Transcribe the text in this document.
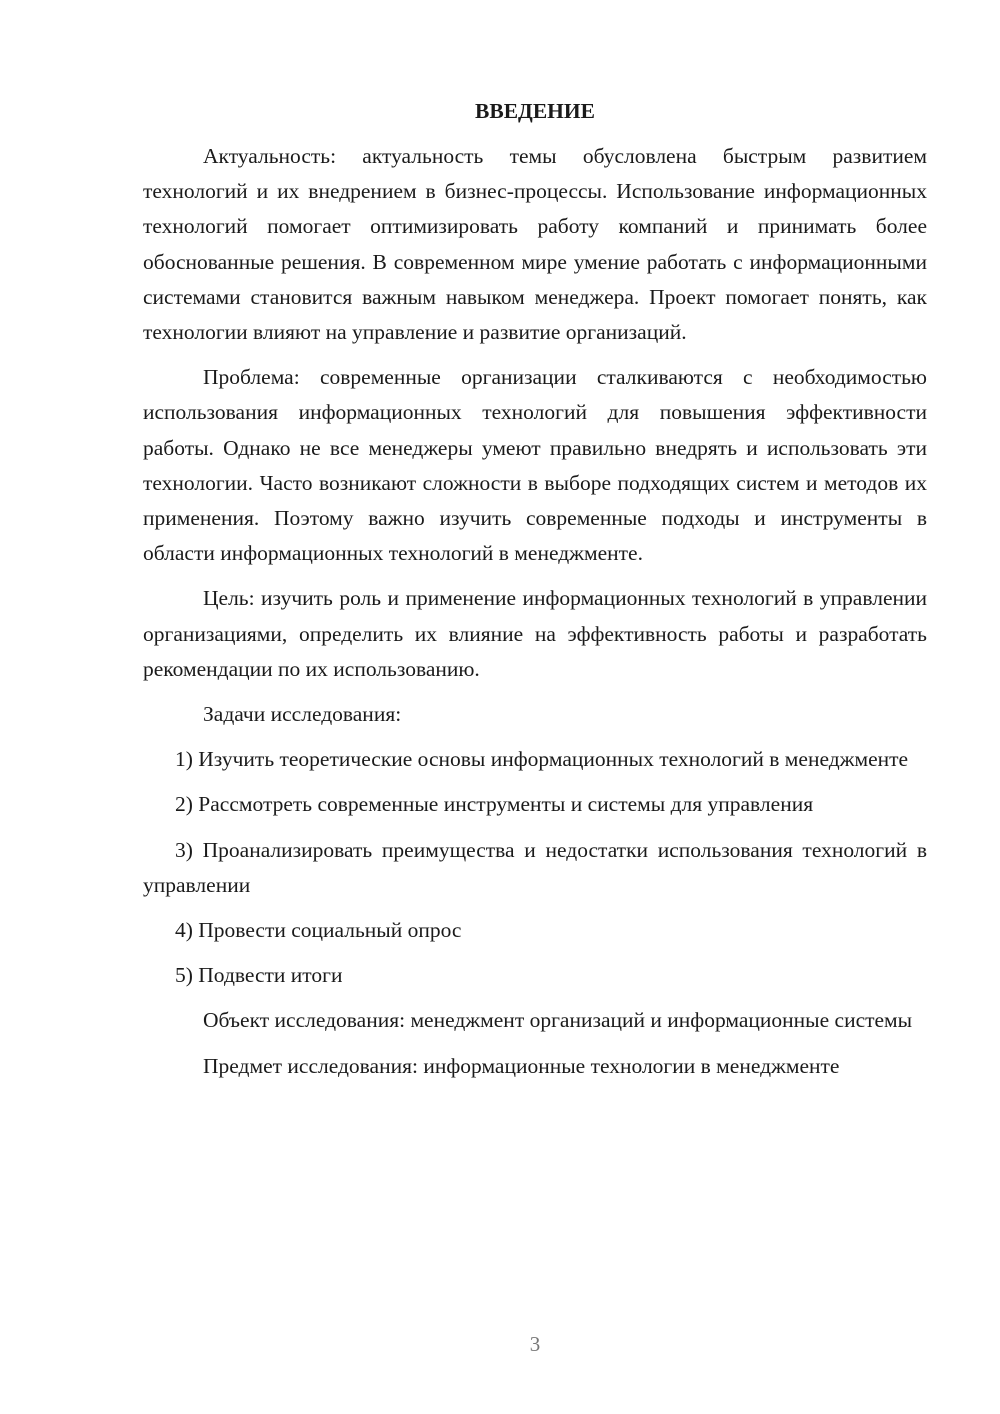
ВВЕДЕНИЕ

Актуальность: актуальность темы обусловлена быстрым развитием технологий и их внедрением в бизнес-процессы. Использование информационных технологий помогает оптимизировать работу компаний и принимать более обоснованные решения. В современном мире умение работать с информационными системами становится важным навыком менеджера. Проект помогает понять, как технологии влияют на управление и развитие организаций.

Проблема: современные организации сталкиваются с необходимостью использования информационных технологий для повышения эффективности работы. Однако не все менеджеры умеют правильно внедрять и использовать эти технологии. Часто возникают сложности в выборе подходящих систем и методов их применения. Поэтому важно изучить современные подходы и инструменты в области информационных технологий в менеджменте.

Цель: изучить роль и применение информационных технологий в управлении организациями, определить их влияние на эффективность работы и разработать рекомендации по их использованию.

Задачи исследования:

1) Изучить теоретические основы информационных технологий в менеджменте

2) Рассмотреть современные инструменты и системы для управления

3) Проанализировать преимущества и недостатки использования технологий в управлении

4) Провести социальный опрос

5) Подвести итоги

Объект исследования: менеджмент организаций и информационные системы

Предмет исследования: информационные технологии в менеджменте

3
